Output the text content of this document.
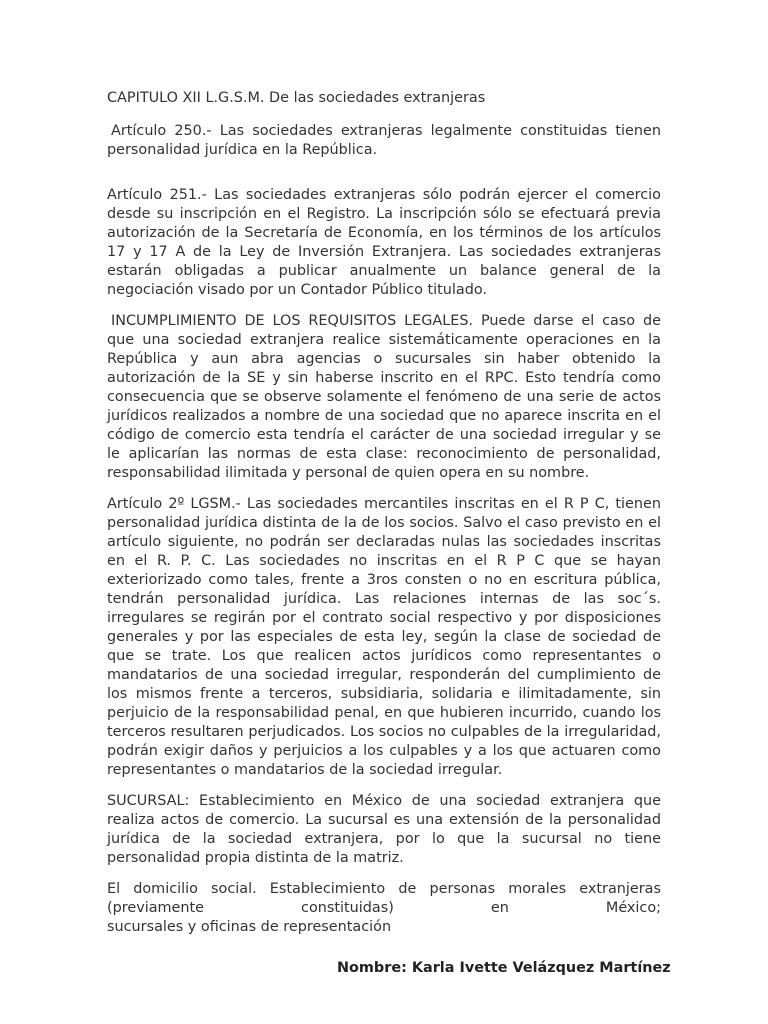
CAPITULO XII L.G.S.M. De las sociedades extranjeras

Artículo 250.- Las sociedades extranjeras legalmente constituidas tienen personalidad jurídica en la República.

Artículo 251.- Las sociedades extranjeras sólo podrán ejercer el comercio desde su inscripción en el Registro. La inscripción sólo se efectuará previa autorización de la Secretaría de Economía, en los términos de los artículos 17 y 17 A de la Ley de Inversión Extranjera. Las sociedades extranjeras estarán obligadas a publicar anualmente un balance general de la negociación visado por un Contador Público titulado.

INCUMPLIMIENTO DE LOS REQUISITOS LEGALES. Puede darse el caso de que una sociedad extranjera realice sistemáticamente operaciones en la República y aun abra agencias o sucursales sin haber obtenido la autorización de la SE y sin haberse inscrito en el RPC. Esto tendría como consecuencia que se observe solamente el fenómeno de una serie de actos jurídicos realizados a nombre de una sociedad que no aparece inscrita en el código de comercio esta tendría el carácter de una sociedad irregular y se le aplicarían las normas de esta clase: reconocimiento de personalidad, responsabilidad ilimitada y personal de quien opera en su nombre.

Artículo 2º LGSM.- Las sociedades mercantiles inscritas en el R P C, tienen personalidad jurídica distinta de la de los socios. Salvo el caso previsto en el artículo siguiente, no podrán ser declaradas nulas las sociedades inscritas en el R. P. C. Las sociedades no inscritas en el R P C que se hayan exteriorizado como tales, frente a 3ros consten o no en escritura pública, tendrán personalidad jurídica. Las relaciones internas de las soc´s. irregulares se regirán por el contrato social respectivo y por disposiciones generales y por las especiales de esta ley, según la clase de sociedad de que se trate. Los que realicen actos jurídicos como representantes o mandatarios de una sociedad irregular, responderán del cumplimiento de los mismos frente a terceros, subsidiaria, solidaria e ilimitadamente, sin perjuicio de la responsabilidad penal, en que hubieren incurrido, cuando los terceros resultaren perjudicados. Los socios no culpables de la irregularidad, podrán exigir daños y perjuicios a los culpables y a los que actuaren como representantes o mandatarios de la sociedad irregular.

SUCURSAL: Establecimiento en México de una sociedad extranjera que realiza actos de comercio. La sucursal es una extensión de la personalidad jurídica de la sociedad extranjera, por lo que la sucursal no tiene personalidad propia distinta de la matriz.

El domicilio social. Establecimiento de personas morales extranjeras
(previamente constituidas) en México;
sucursales y oficinas de representación
Nombre: Karla Ivette Velázquez Martínez
